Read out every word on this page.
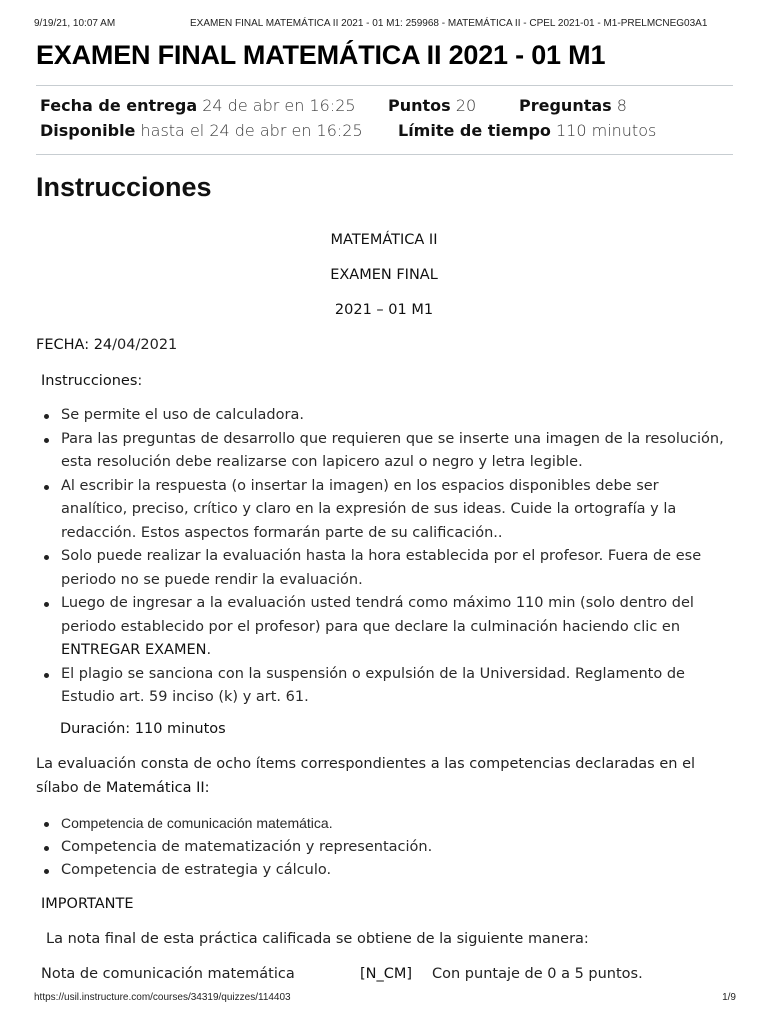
9/19/21, 10:07 AM	EXAMEN FINAL MATEMÁTICA II 2021 - 01 M1: 259968 - MATEMÁTICA II - CPEL 2021-01 - M1-PRELMCNEG03A1
EXAMEN FINAL MATEMÁTICA II 2021 - 01 M1
Fecha de entrega 24 de abr en 16:25 Puntos 20	Preguntas 8
Disponible hasta el 24 de abr en 16:25 Límite de tiempo 110 minutos
Instrucciones
MATEMÁTICA II
EXAMEN FINAL
2021 – 01 M1
FECHA: 24/04/2021
Instrucciones:
Se permite el uso de calculadora.
Para las preguntas de desarrollo que requieren que se inserte una imagen de la resolución, esta resolución debe realizarse con lapicero azul o negro y letra legible.
Al escribir la respuesta (o insertar la imagen) en los espacios disponibles debe ser analítico, preciso, crítico y claro en la expresión de sus ideas. Cuide la ortografía y la redacción. Estos aspectos formarán parte de su calificación..
Solo puede realizar la evaluación hasta la hora establecida por el profesor. Fuera de ese periodo no se puede rendir la evaluación.
Luego de ingresar a la evaluación usted tendrá como máximo 110 min (solo dentro del periodo establecido por el profesor) para que declare la culminación haciendo clic en
ENTREGAR EXAMEN.
El plagio se sanciona con la suspensión o expulsión de la Universidad. Reglamento de Estudio art. 59 inciso (k) y art. 61.
Duración: 110 minutos
La evaluación consta de ocho ítems correspondientes a las competencias declaradas en el
sílabo de Matemática II:
Competencia de comunicación matemática.
Competencia de matematización y representación.
Competencia de estrategia y cálculo.
IMPORTANTE
La nota final de esta práctica calificada se obtiene de la siguiente manera:
Nota de comunicación matemática	[N_CM] Con puntaje de 0 a 5 puntos.
https://usil.instructure.com/courses/34319/quizzes/114403	1/9
